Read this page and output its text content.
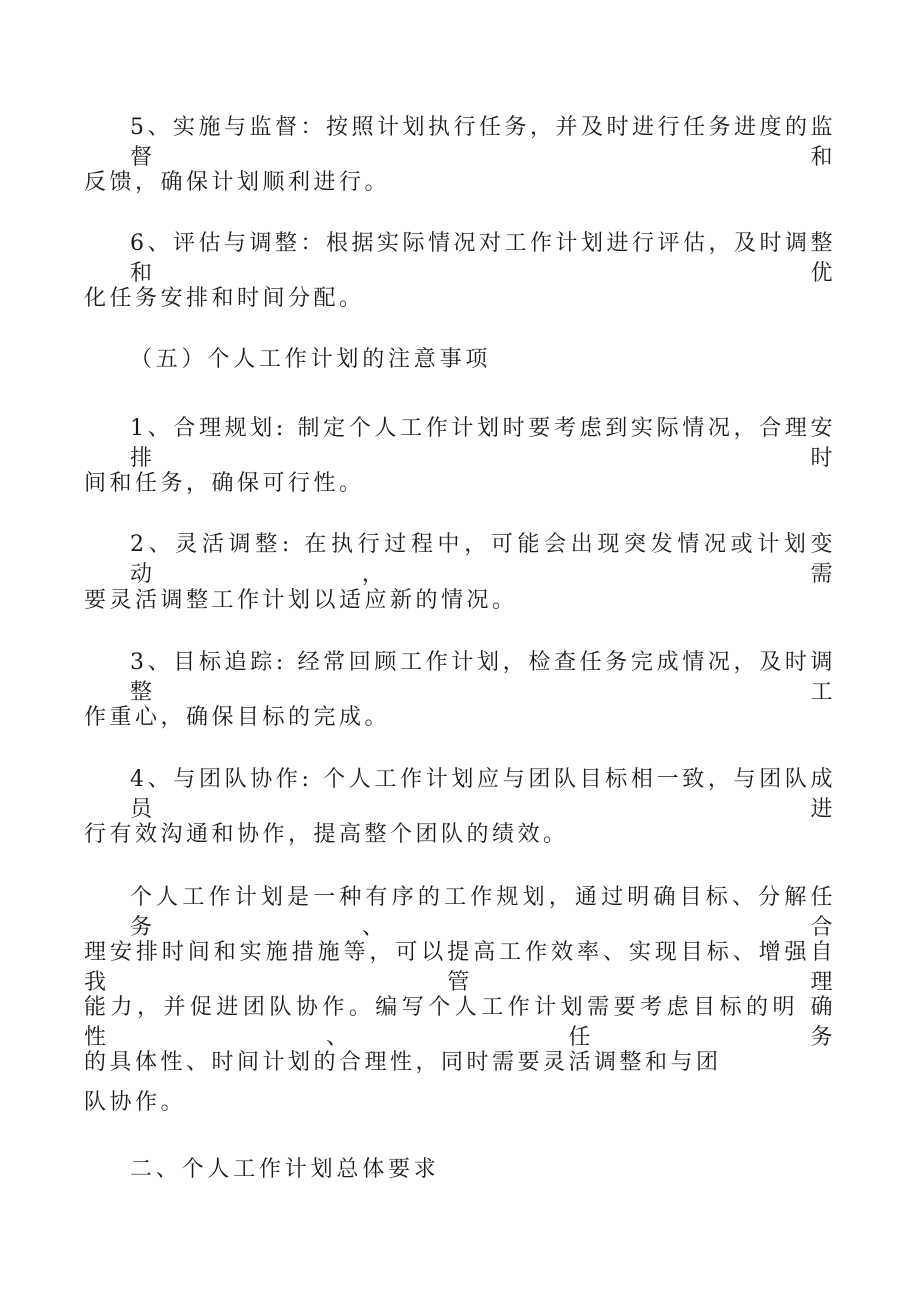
5、实施与监督：按照计划执行任务，并及时进行任务进度的监督 和
反馈，确保计划顺利进行。
6、评估与调整：根据实际情况对工作计划进行评估，及时调整和 优
化任务安排和时间分配。
（五）个人工作计划的注意事项
1、合理规划: 制定个人工作计划时要考虑到实际情况，合理安排 时
间和任务，确保可行性。
2、灵活调整: 在执行过程中，可能会出现突发情况或计划变动， 需
要灵活调整工作计划以适应新的情况。
3、目标追踪: 经常回顾工作计划，检查任务完成情况，及时调整 工
作重心，确保目标的完成。
4、与团队协作: 个人工作计划应与团队目标相一致，与团队成员 进
行有效沟通和协作，提高整个团队的绩效。
个人工作计划是一种有序的工作规划，通过明确目标、分解任务、 合
理安排时间和实施措施等，可以提高工作效率、实现目标、增强自 我管理
能力，并促进团队协作。编写个人工作计划需要考虑目标的明 确性、任务
的具体性、时间计划的合理性，同时需要灵活调整和与团
队协作。
二、个人工作计划总体要求
